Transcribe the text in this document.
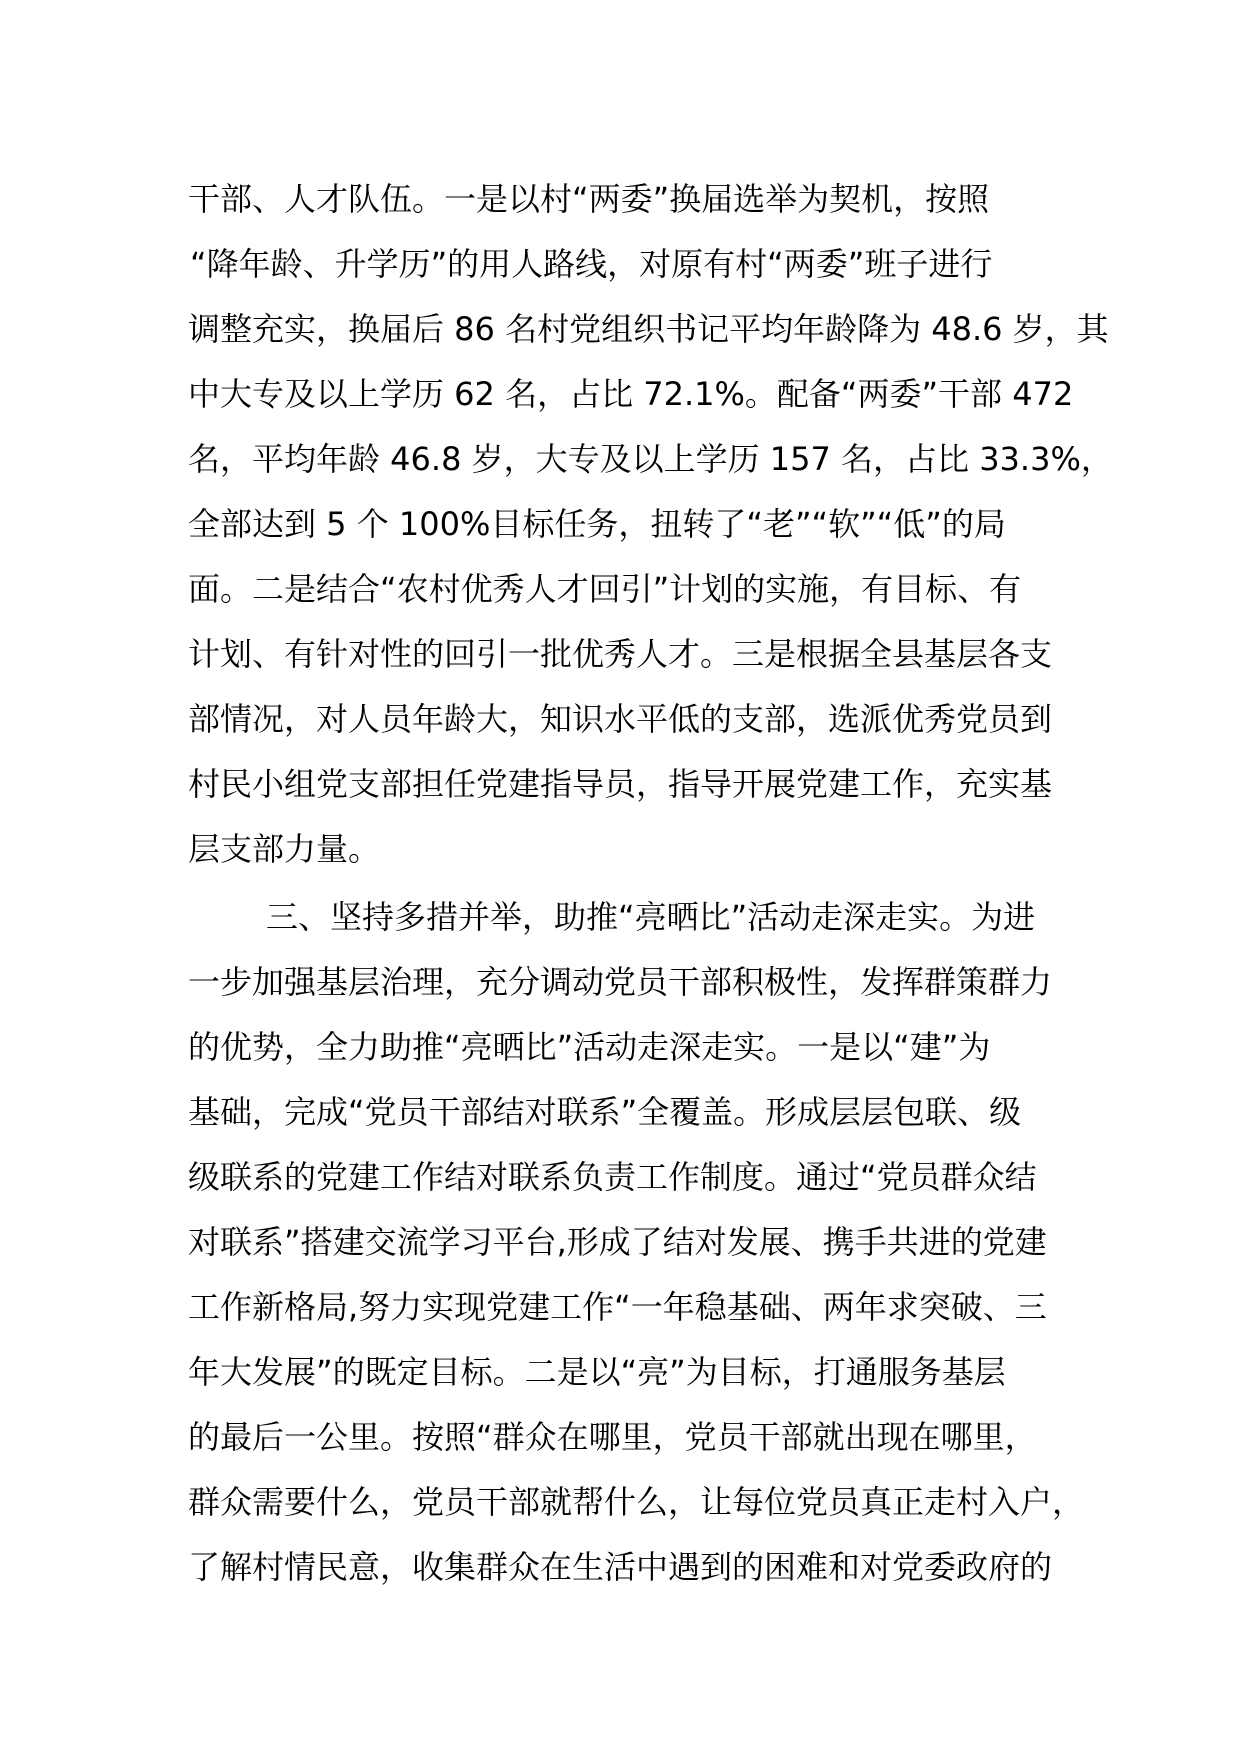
干部、人才队伍。一是以村“两委”换届选举为契机，按照
“降年龄、升学历”的用人路线，对原有村“两委”班子进行
调整充实，换届后 86 名村党组织书记平均年龄降为 48.6 岁，其
中大专及以上学历 62 名，占比 72.1%。配备“两委”干部 472
名，平均年龄 46.8 岁，大专及以上学历 157 名，占比 33.3%，
全部达到 5 个 100%目标任务，扭转了“老”“软”“低”的局
面。二是结合“农村优秀人才回引”计划的实施，有目标、有
计划、有针对性的回引一批优秀人才。三是根据全县基层各支
部情况，对人员年龄大，知识水平低的支部，选派优秀党员到
村民小组党支部担任党建指导员，指导开展党建工作，充实基
层支部力量。
三、坚持多措并举，助推“亮晒比”活动走深走实。为进
一步加强基层治理，充分调动党员干部积极性，发挥群策群力
的优势，全力助推“亮晒比”活动走深走实。一是以“建”为
基础，完成“党员干部结对联系”全覆盖。形成层层包联、级
级联系的党建工作结对联系负责工作制度。通过“党员群众结
对联系”搭建交流学习平台,形成了结对发展、携手共进的党建
工作新格局,努力实现党建工作“一年稳基础、两年求突破、三
年大发展”的既定目标。二是以“亮”为目标，打通服务基层
的最后一公里。按照“群众在哪里，党员干部就出现在哪里，
群众需要什么，党员干部就帮什么，让每位党员真正走村入户，
了解村情民意，收集群众在生活中遇到的困难和对党委政府的
